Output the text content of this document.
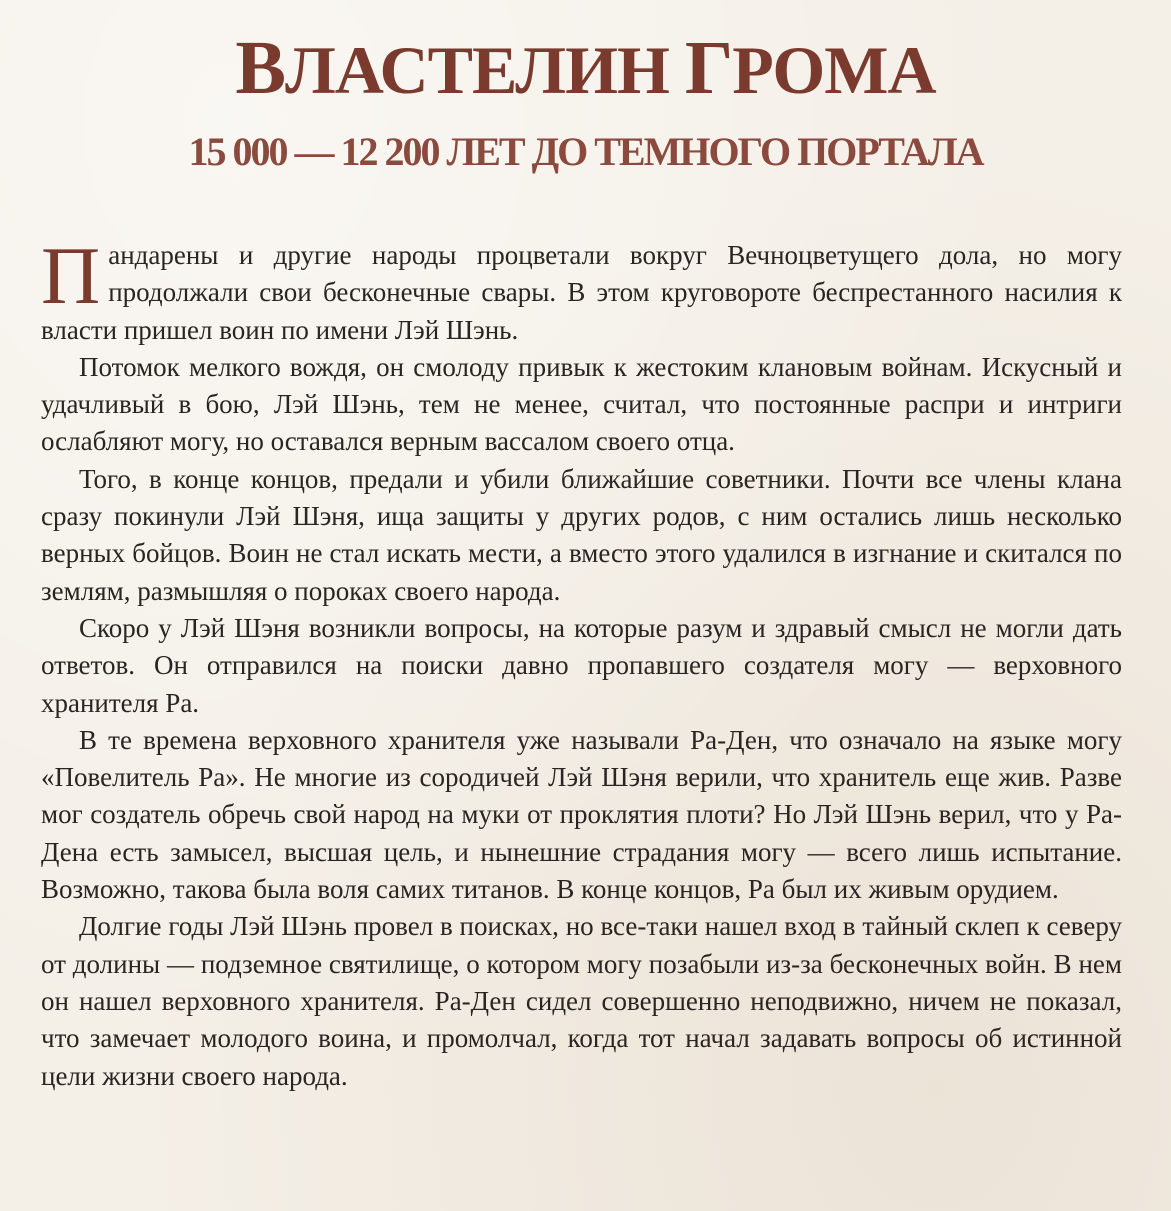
ВЛАСТЕЛИН ГРОМА
15 000 — 12 200 ЛЕТ ДО ТЕМНОГО ПОРТАЛА

Пандарены и другие народы процветали вокруг Вечноцветущего дола, но могу продолжали свои бесконечные свары. В этом круговороте беспрестанного насилия к власти пришел воин по имени Лэй Шэнь.

Потомок мелкого вождя, он смолоду привык к жестоким клановым войнам. Искусный и удачливый в бою, Лэй Шэнь, тем не менее, считал, что постоянные распри и интриги ослабляют могу, но оставался верным вассалом своего отца.

Того, в конце концов, предали и убили ближайшие советники. Почти все члены клана сразу покинули Лэй Шэня, ища защиты у других родов, с ним остались лишь несколько верных бойцов. Воин не стал искать мести, а вместо этого удалился в изгнание и скитался по землям, размышляя о пороках своего народа.

Скоро у Лэй Шэня возникли вопросы, на которые разум и здравый смысл не могли дать ответов. Он отправился на поиски давно пропавшего создателя могу — верховного хранителя Ра.

В те времена верховного хранителя уже называли Ра-Ден, что означало на языке могу «Повелитель Ра». Не многие из сородичей Лэй Шэня верили, что хранитель еще жив. Разве мог создатель обречь свой народ на муки от проклятия плоти? Но Лэй Шэнь верил, что у Ра-Дена есть замысел, высшая цель, и нынешние страдания могу — всего лишь испытание. Возможно, такова была воля самих титанов. В конце концов, Ра был их живым орудием.

Долгие годы Лэй Шэнь провел в поисках, но все-таки нашел вход в тайный склеп к северу от долины — подземное святилище, о котором могу позабыли из-за бесконечных войн. В нем он нашел верховного хранителя. Ра-Ден сидел совершенно неподвижно, ничем не показал, что замечает молодого воина, и промолчал, когда тот начал задавать вопросы об истинной цели жизни своего народа.
